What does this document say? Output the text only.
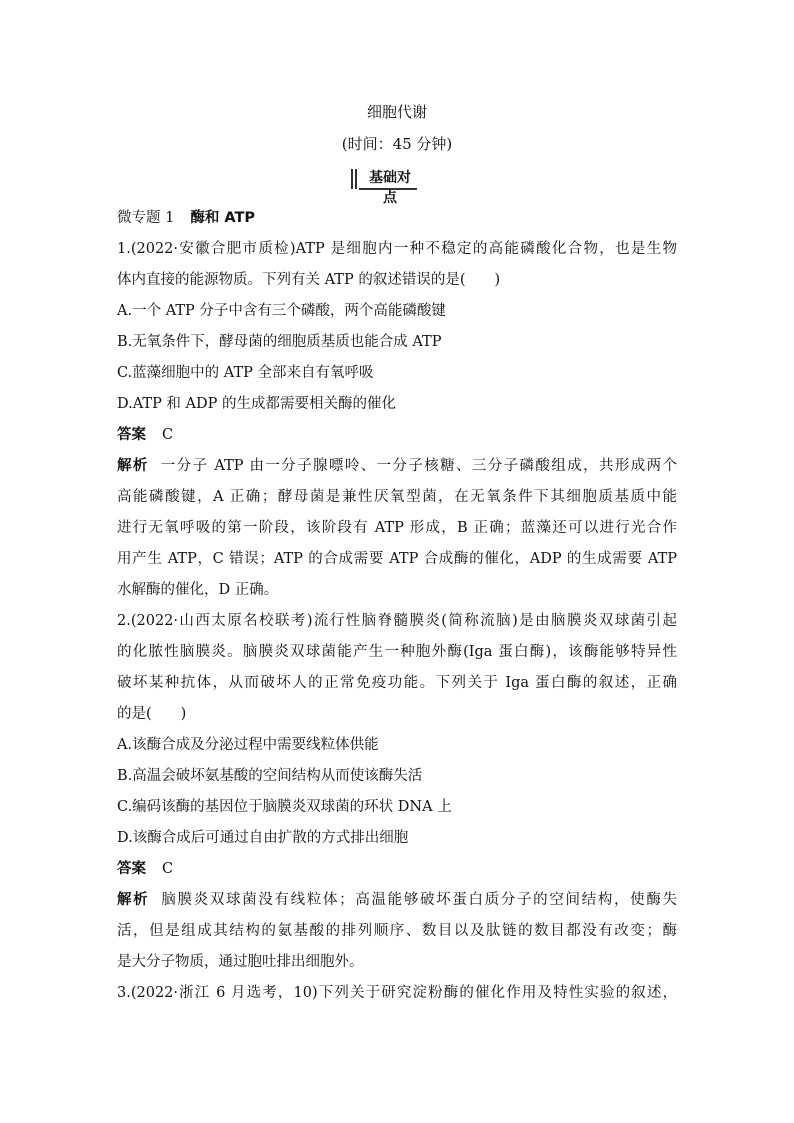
细胞代谢
(时间：45 分钟)
基础对点
微专题 1 酶和 ATP
1.(2022·安徽合肥市质检)ATP 是细胞内一种不稳定的高能磷酸化合物，也是生物
体内直接的能源物质。下列有关 ATP 的叙述错误的是(　　)
A.一个 ATP 分子中含有三个磷酸，两个高能磷酸键
B.无氧条件下，酵母菌的细胞质基质也能合成 ATP
C.蓝藻细胞中的 ATP 全部来自有氧呼吸
D.ATP 和 ADP 的生成都需要相关酶的催化
答案 C
解析 一分子 ATP 由一分子腺嘌呤、一分子核糖、三分子磷酸组成，共形成两个
高能磷酸键，A 正确；酵母菌是兼性厌氧型菌，在无氧条件下其细胞质基质中能
进行无氧呼吸的第一阶段，该阶段有 ATP 形成，B 正确；蓝藻还可以进行光合作
用产生 ATP，C 错误；ATP 的合成需要 ATP 合成酶的催化，ADP 的生成需要 ATP
水解酶的催化，D 正确。
2.(2022·山西太原名校联考)流行性脑脊髓膜炎(简称流脑)是由脑膜炎双球菌引起
的化脓性脑膜炎。脑膜炎双球菌能产生一种胞外酶(Iga 蛋白酶)，该酶能够特异性
破坏某种抗体，从而破坏人的正常免疫功能。下列关于 Iga 蛋白酶的叙述，正确
的是(　　)
A.该酶合成及分泌过程中需要线粒体供能
B.高温会破坏氨基酸的空间结构从而使该酶失活
C.编码该酶的基因位于脑膜炎双球菌的环状 DNA 上
D.该酶合成后可通过自由扩散的方式排出细胞
答案 C
解析 脑膜炎双球菌没有线粒体；高温能够破坏蛋白质分子的空间结构，使酶失
活，但是组成其结构的氨基酸的排列顺序、数目以及肽链的数目都没有改变；酶
是大分子物质，通过胞吐排出细胞外。
3.(2022·浙江 6 月选考，10)下列关于研究淀粉酶的催化作用及特性实验的叙述，
